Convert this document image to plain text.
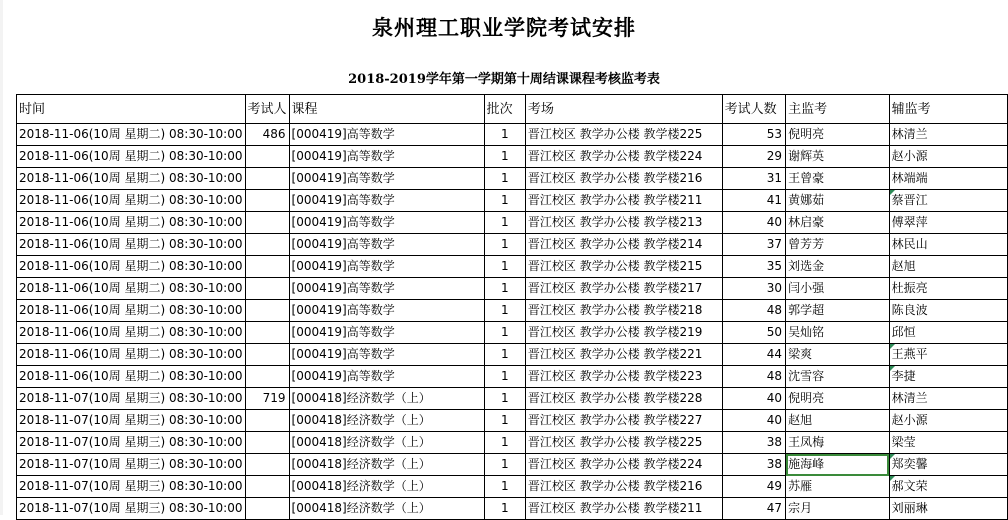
泉州理工职业学院考试安排
2018-2019学年第一学期第十周结课课程考核监考表
时间	考试人	课程	批次	考场	考试人数	主监考	辅监考
2018-11-06(10周 星期二) 08:30-10:00	486	[000419]高等数学	1	晋江校区 教学办公楼 教学楼225	53	倪明亮	林清兰
2018-11-06(10周 星期二) 08:30-10:00		[000419]高等数学	1	晋江校区 教学办公楼 教学楼224	29	谢辉英	赵小源
2018-11-06(10周 星期二) 08:30-10:00		[000419]高等数学	1	晋江校区 教学办公楼 教学楼216	31	王曾豪	林端端
2018-11-06(10周 星期二) 08:30-10:00		[000419]高等数学	1	晋江校区 教学办公楼 教学楼211	41	黄娜茹	蔡晋江
2018-11-06(10周 星期二) 08:30-10:00		[000419]高等数学	1	晋江校区 教学办公楼 教学楼213	40	林启豪	傅翠萍
2018-11-06(10周 星期二) 08:30-10:00		[000419]高等数学	1	晋江校区 教学办公楼 教学楼214	37	曾芳芳	林民山
2018-11-06(10周 星期二) 08:30-10:00		[000419]高等数学	1	晋江校区 教学办公楼 教学楼215	35	刘选金	赵旭
2018-11-06(10周 星期二) 08:30-10:00		[000419]高等数学	1	晋江校区 教学办公楼 教学楼217	30	闫小强	杜振亮
2018-11-06(10周 星期二) 08:30-10:00		[000419]高等数学	1	晋江校区 教学办公楼 教学楼218	48	郭学超	陈良波
2018-11-06(10周 星期二) 08:30-10:00		[000419]高等数学	1	晋江校区 教学办公楼 教学楼219	50	吴灿铭	邱恒
2018-11-06(10周 星期二) 08:30-10:00		[000419]高等数学	1	晋江校区 教学办公楼 教学楼221	44	梁爽	王燕平
2018-11-06(10周 星期二) 08:30-10:00		[000419]高等数学	1	晋江校区 教学办公楼 教学楼223	48	沈雪容	李捷
2018-11-07(10周 星期三) 08:30-10:00	719	[000418]经济数学（上）	1	晋江校区 教学办公楼 教学楼228	40	倪明亮	林清兰
2018-11-07(10周 星期三) 08:30-10:00		[000418]经济数学（上）	1	晋江校区 教学办公楼 教学楼227	40	赵旭	赵小源
2018-11-07(10周 星期三) 08:30-10:00		[000418]经济数学（上）	1	晋江校区 教学办公楼 教学楼225	38	王凤梅	梁莹
2018-11-07(10周 星期三) 08:30-10:00		[000418]经济数学（上）	1	晋江校区 教学办公楼 教学楼224	38	施海峰	郑奕馨
2018-11-07(10周 星期三) 08:30-10:00		[000418]经济数学（上）	1	晋江校区 教学办公楼 教学楼216	49	苏雁	郝文荣
2018-11-07(10周 星期三) 08:30-10:00		[000418]经济数学（上）	1	晋江校区 教学办公楼 教学楼211	47	宗月	刘丽琳
